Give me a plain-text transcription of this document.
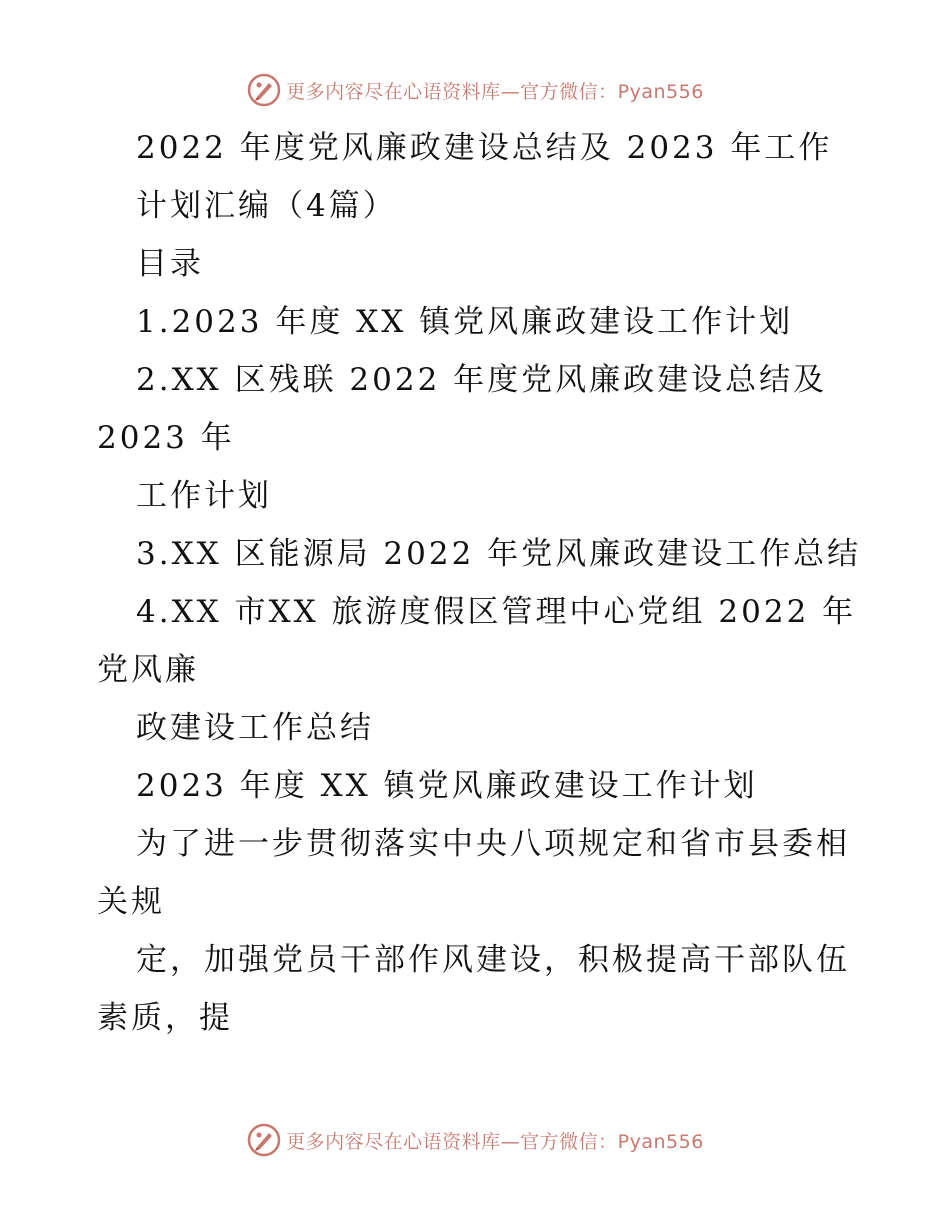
更多内容尽在心语资料库—官方微信：Pyan556
2022 年度党风廉政建设总结及 2023 年工作
计划汇编（4篇）
目录
1.2023 年度 XX 镇党风廉政建设工作计划
2.XX 区残联 2022 年度党风廉政建设总结及
2023 年
工作计划
3.XX 区能源局 2022 年党风廉政建设工作总结
4.XX 市XX 旅游度假区管理中心党组 2022 年
党风廉
政建设工作总结
2023 年度 XX 镇党风廉政建设工作计划
为了进一步贯彻落实中央八项规定和省市县委相
关规
定，加强党员干部作风建设，积极提高干部队伍
素质，提
更多内容尽在心语资料库—官方微信：Pyan556
